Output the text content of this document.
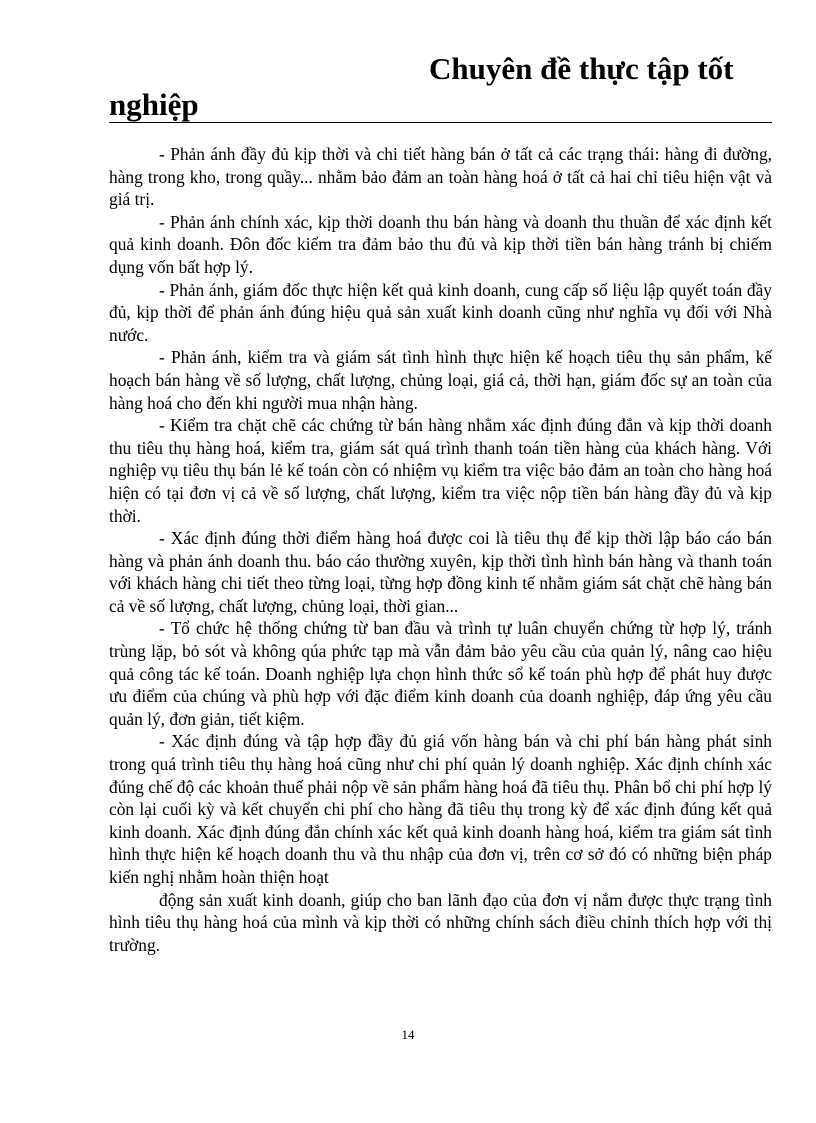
Chuyên đề thực tập tốt
nghiệp

- Phản ánh đầy đủ kịp thời và chi tiết hàng bán ở tất cả các trạng thái: hàng đi đường, hàng trong kho, trong quầy... nhằm bảo đảm an toàn hàng hoá ở tất cả hai chỉ tiêu hiện vật và giá trị.

- Phản ánh chính xác, kịp thời doanh thu bán hàng và doanh thu thuần để xác định kết quả kinh doanh. Đôn đốc kiểm tra đảm bảo thu đủ và kịp thời tiền bán hàng tránh bị chiếm dụng vốn bất hợp lý.

- Phản ánh, giám đốc thực hiện kết quả kinh doanh, cung cấp số liệu lập quyết toán đầy đủ, kịp thời để phản ánh đúng hiệu quả sản xuất kinh doanh cũng như nghĩa vụ đối với Nhà nước.

- Phản ánh, kiểm tra và giám sát tình hình thực hiện kế hoạch tiêu thụ sản phẩm, kế hoạch bán hàng về số lượng, chất lượng, chủng loại, giá cả, thời hạn, giám đốc sự an toàn của hàng hoá cho đến khi người mua nhận hàng.

- Kiểm tra chặt chẽ các chứng từ bán hàng nhằm xác định đúng đắn và kịp thời doanh thu tiêu thụ hàng hoá, kiểm tra, giám sát quá trình thanh toán tiền hàng của khách hàng. Với nghiệp vụ tiêu thụ bán lẻ kế toán còn có nhiệm vụ kiểm tra việc bảo đảm an toàn cho hàng hoá hiện có tại đơn vị cả về số lượng, chất lượng, kiểm tra việc nộp tiền bán hàng đầy đủ và kịp thời.

- Xác định đúng thời điểm hàng hoá được coi là tiêu thụ để kịp thời lập báo cáo bán hàng và phản ánh doanh thu. báo cáo thường xuyên, kịp thời tình hình bán hàng và thanh toán với khách hàng chi tiết theo từng loại, từng hợp đồng kinh tế nhằm giám sát chặt chẽ hàng bán cả về số lượng, chất lượng, chủng loại, thời gian...

- Tổ chức hệ thống chứng từ ban đầu và trình tự luân chuyển chứng từ hợp lý, tránh trùng lặp, bỏ sót và không qúa phức tạp mà vẫn đảm bảo yêu cầu của quản lý, nâng cao hiệu quả công tác kế toán. Doanh nghiệp lựa chọn hình thức sổ kế toán phù hợp để phát huy được ưu điểm của chúng và phù hợp với đặc điểm kinh doanh của doanh nghiệp, đáp ứng yêu cầu quản lý, đơn giản, tiết kiệm.

- Xác định đúng và tập hợp đầy đủ giá vốn hàng bán và chi phí bán hàng phát sinh trong quá trình tiêu thụ hàng hoá cũng như chi phí quản lý doanh nghiệp. Xác định chính xác đúng chế độ các khoản thuế phải nộp về sản phẩm hàng hoá đã tiêu thụ. Phân bổ chi phí hợp lý còn lại cuối kỳ và kết chuyển chi phí cho hàng đã tiêu thụ trong kỳ để xác định đúng kết quả kinh doanh. Xác định đúng đắn chính xác kết quả kinh doanh hàng hoá, kiểm tra giám sát tình hình thực hiện kế hoạch doanh thu và thu nhập của đơn vị, trên cơ sở đó có những biện pháp kiến nghị nhằm hoàn thiện hoạt

động sản xuất kinh doanh, giúp cho ban lãnh đạo của đơn vị nắm được thực trạng tình hình tiêu thụ hàng hoá của mình và kịp thời có những chính sách điều chỉnh thích hợp với thị trường.

14
